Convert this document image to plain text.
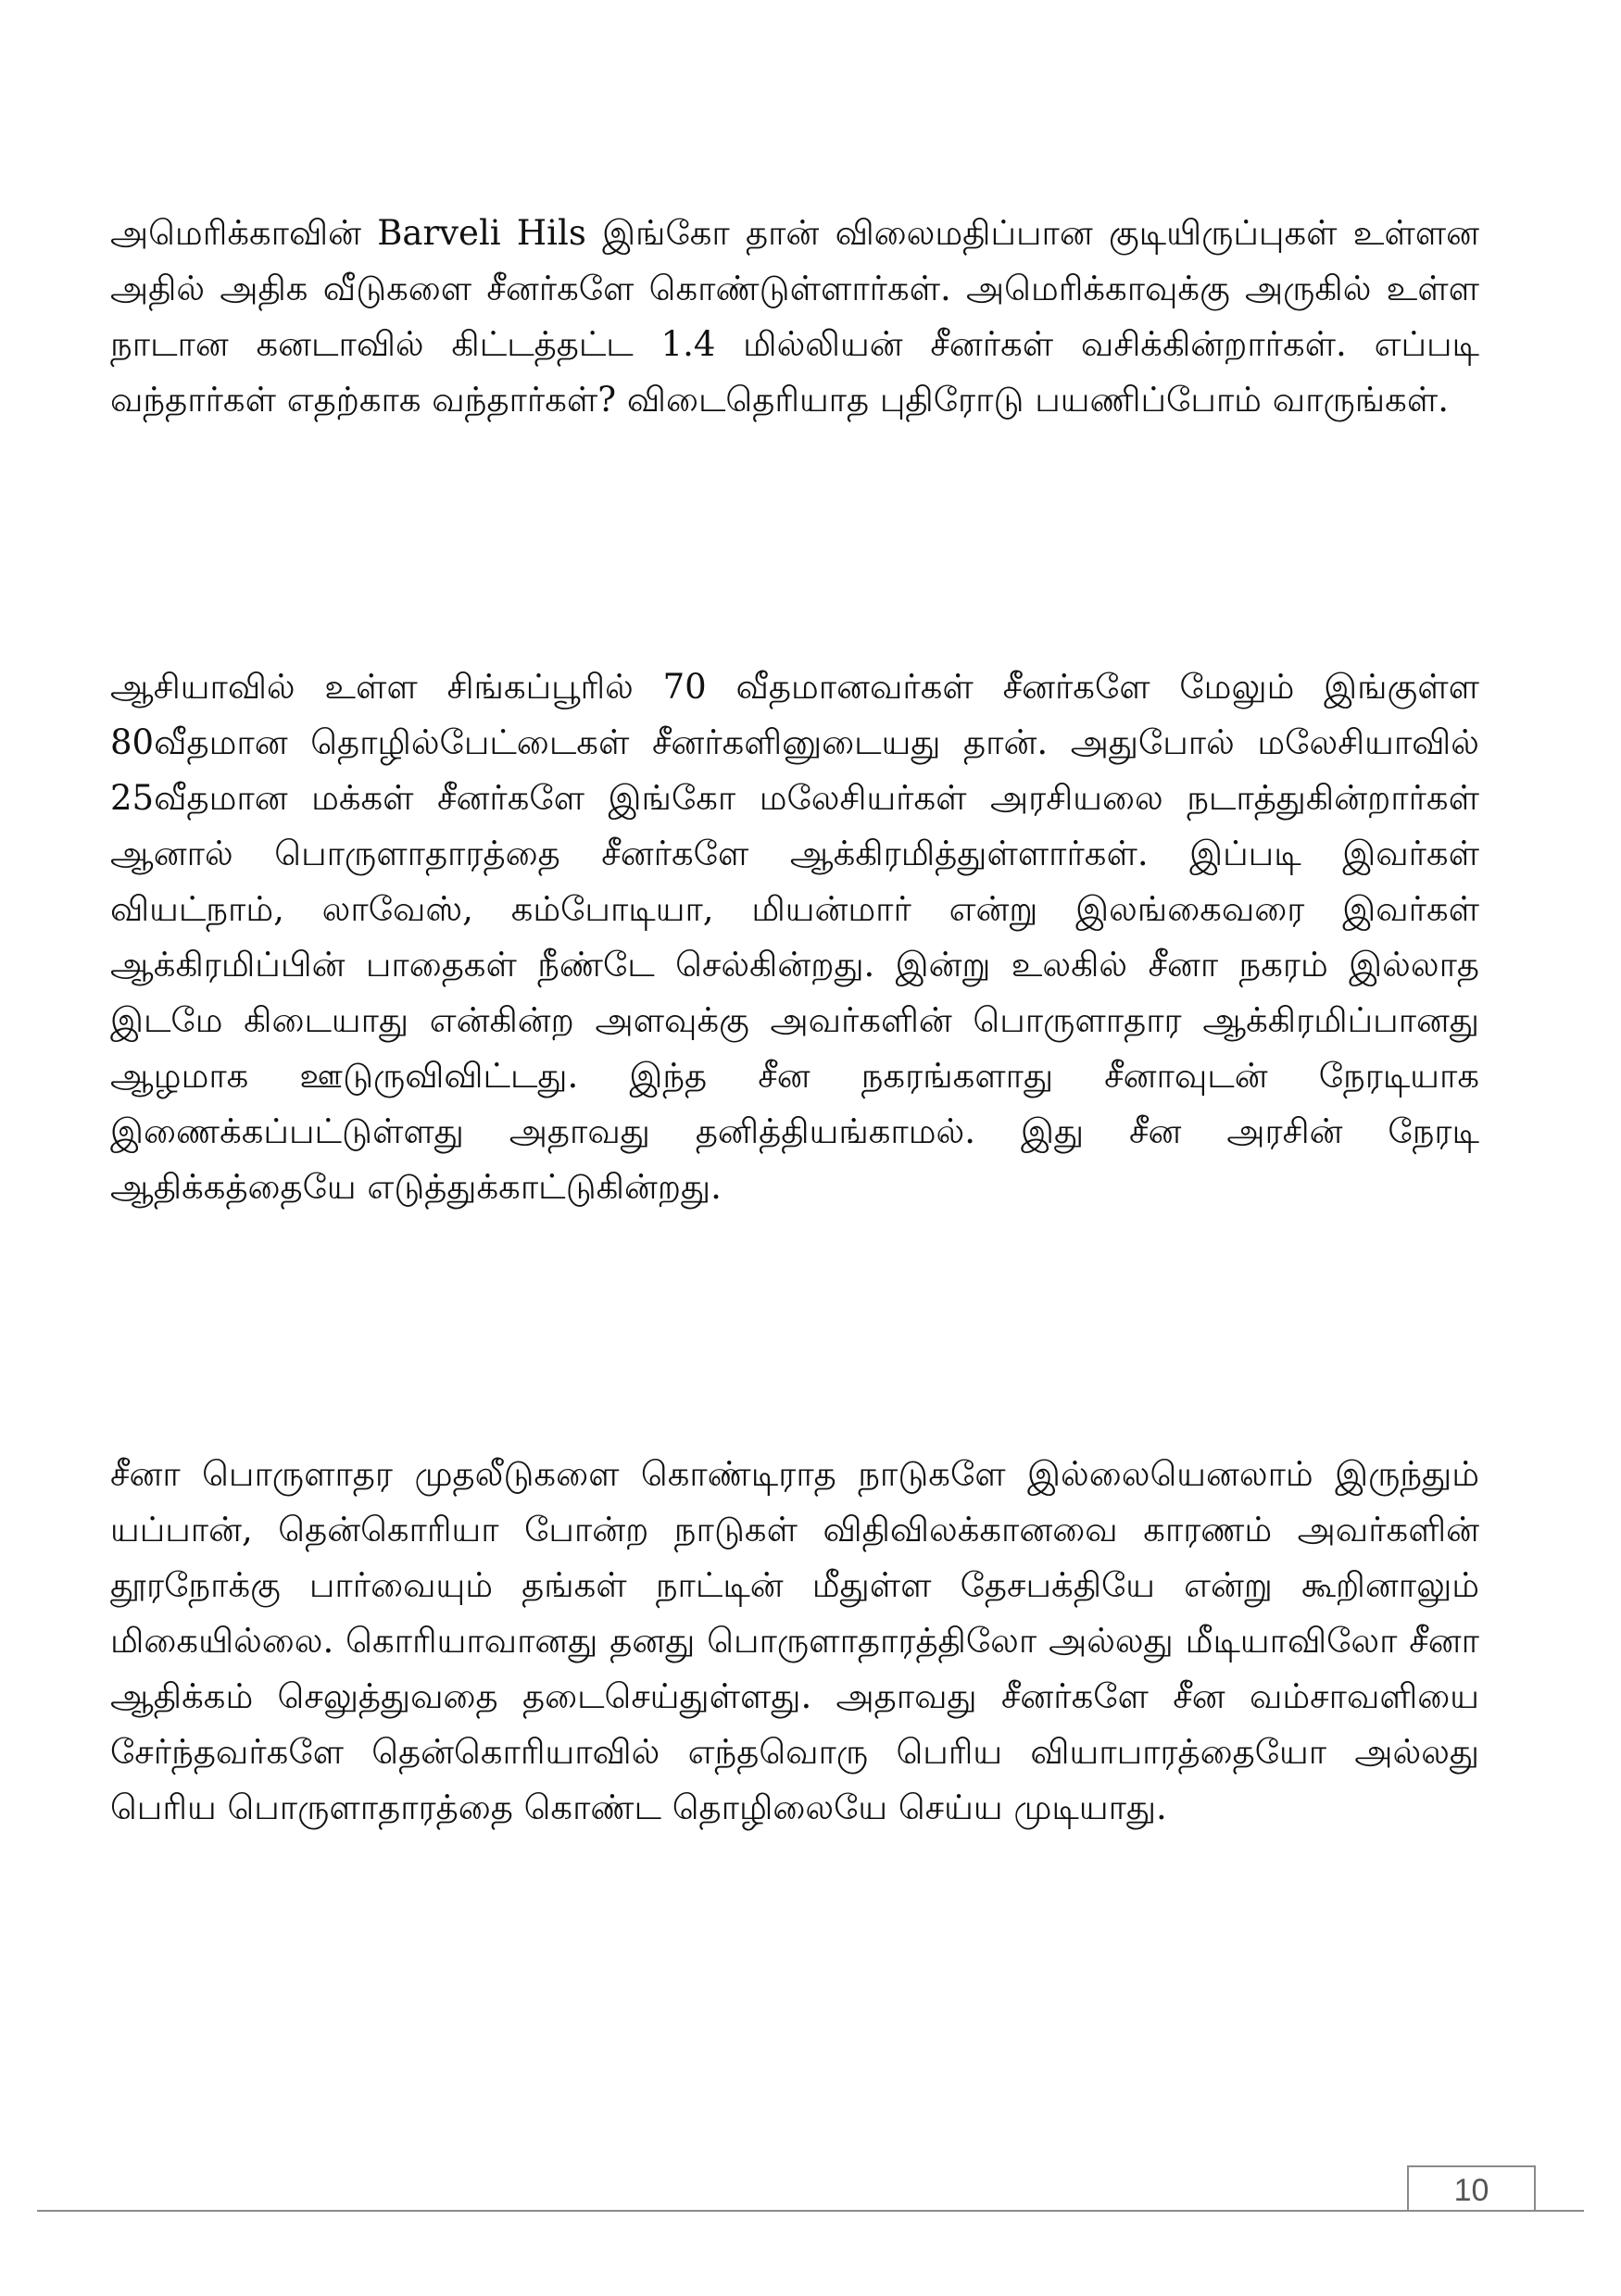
அமெரிக்காவின் Barveli Hils இங்கோ தான் விலைமதிப்பான குடியிருப்புகள் உள்ளன அதில் அதிக வீடுகளை சீனர்களே கொண்டுள்ளார்கள். அமெரிக்காவுக்கு அருகில் உள்ள நாடான கனடாவில் கிட்டத்தட்ட 1.4 மில்லியன் சீனர்கள் வசிக்கின்றார்கள். எப்படி வந்தார்கள் எதற்காக வந்தார்கள்? விடைதெரியாத புதிரோடு பயணிப்போம் வாருங்கள்.

ஆசியாவில் உள்ள சிங்கப்பூரில் 70 வீதமானவர்கள் சீனர்களே மேலும் இங்குள்ள 80வீதமான தொழில்பேட்டைகள் சீனர்களினுடையது தான். அதுபோல் மலேசியாவில் 25வீதமான மக்கள் சீனர்களே இங்கோ மலேசியர்கள் அரசியலை நடாத்துகின்றார்கள் ஆனால் பொருளாதாரத்தை சீனர்களே ஆக்கிரமித்துள்ளார்கள். இப்படி இவர்கள் வியட்நாம், லாவேஸ், கம்போடியா, மியன்மார் என்று இலங்கைவரை இவர்கள் ஆக்கிரமிப்பின் பாதைகள் நீண்டே செல்கின்றது. இன்று உலகில் சீனா நகரம் இல்லாத இடமே கிடையாது என்கின்ற அளவுக்கு அவர்களின் பொருளாதார ஆக்கிரமிப்பானது ஆழமாக ஊடுருவிவிட்டது. இந்த சீன நகரங்களாது சீனாவுடன் நேரடியாக இணைக்கப்பட்டுள்ளது அதாவது தனித்தியங்காமல். இது சீன அரசின் நேரடி ஆதிக்கத்தையே எடுத்துக்காட்டுகின்றது.

சீனா பொருளாதர முதலீடுகளை கொண்டிராத நாடுகளே இல்லையெனலாம் இருந்தும் யப்பான், தென்கொரியா போன்ற நாடுகள் விதிவிலக்கானவை காரணம் அவர்களின் தூரநோக்கு பார்வையும் தங்கள் நாட்டின் மீதுள்ள தேசபக்தியே என்று கூறினாலும் மிகையில்லை. கொரியாவானது தனது பொருளாதாரத்திலோ அல்லது மீடியாவிலோ சீனா ஆதிக்கம் செலுத்துவதை தடைசெய்துள்ளது. அதாவது சீனர்களே சீன வம்சாவளியை சேர்ந்தவர்களே தென்கொரியாவில் எந்தவொரு பெரிய வியாபாரத்தையோ அல்லது பெரிய பொருளாதாரத்தை கொண்ட தொழிலையே செய்ய முடியாது.

10
